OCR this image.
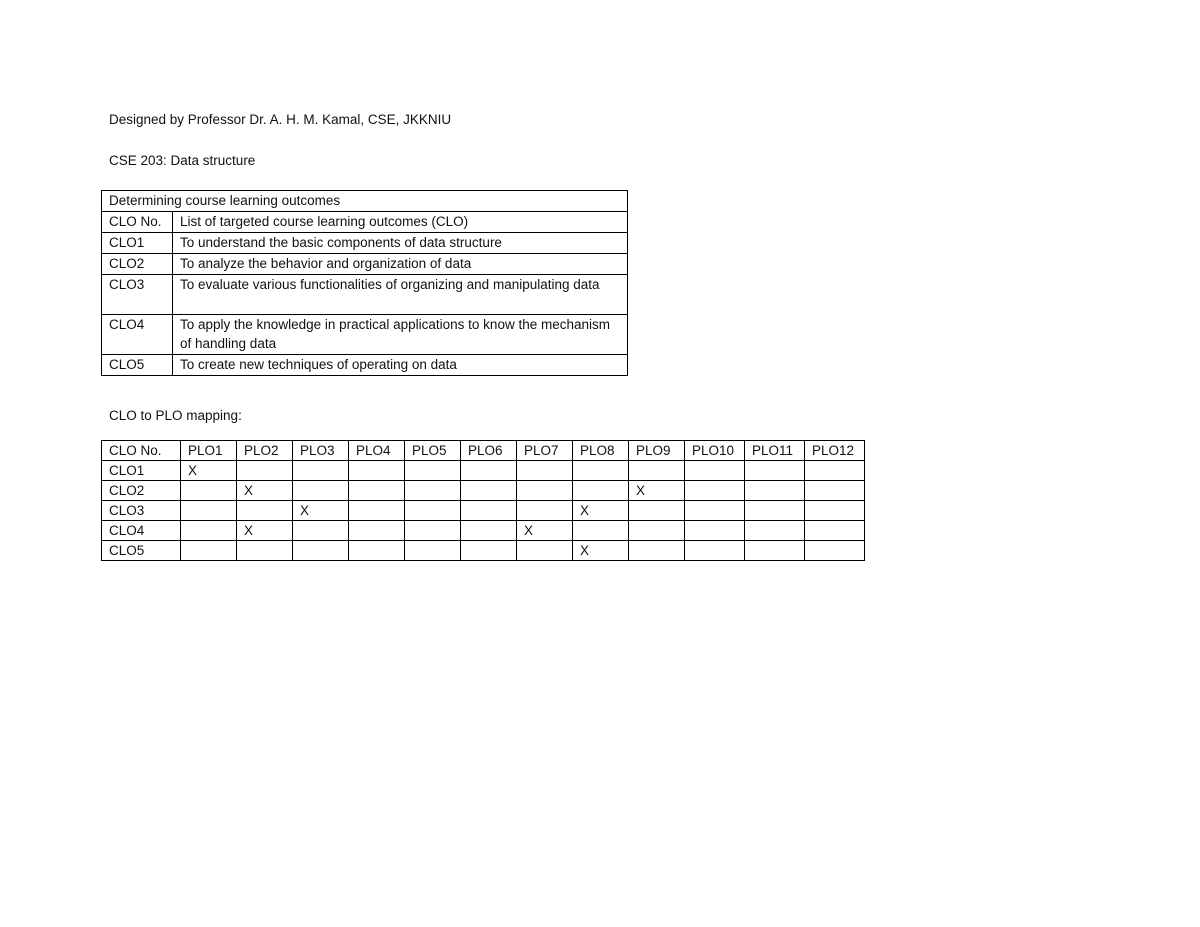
Designed by Professor Dr. A. H. M. Kamal, CSE, JKKNIU
CSE 203: Data structure
Determining course learning outcomes	
CLO No.	List of targeted course learning outcomes (CLO)
CLO1	To understand the basic components of data structure
CLO2	To analyze the behavior and organization of data
CLO3	To evaluate various functionalities of organizing and manipulating data
CLO4	To apply the knowledge in practical applications to know the mechanism of handling data
CLO5	To create new techniques of operating on data
CLO to PLO mapping:
CLO No.	PLO1	PLO2	PLO3	PLO4	PLO5	PLO6	PLO7	PLO8	PLO9	PLO10	PLO11	PLO12
CLO1	X											
CLO2		X							X			
CLO3			X					X				
CLO4		X					X					
CLO5								X				
